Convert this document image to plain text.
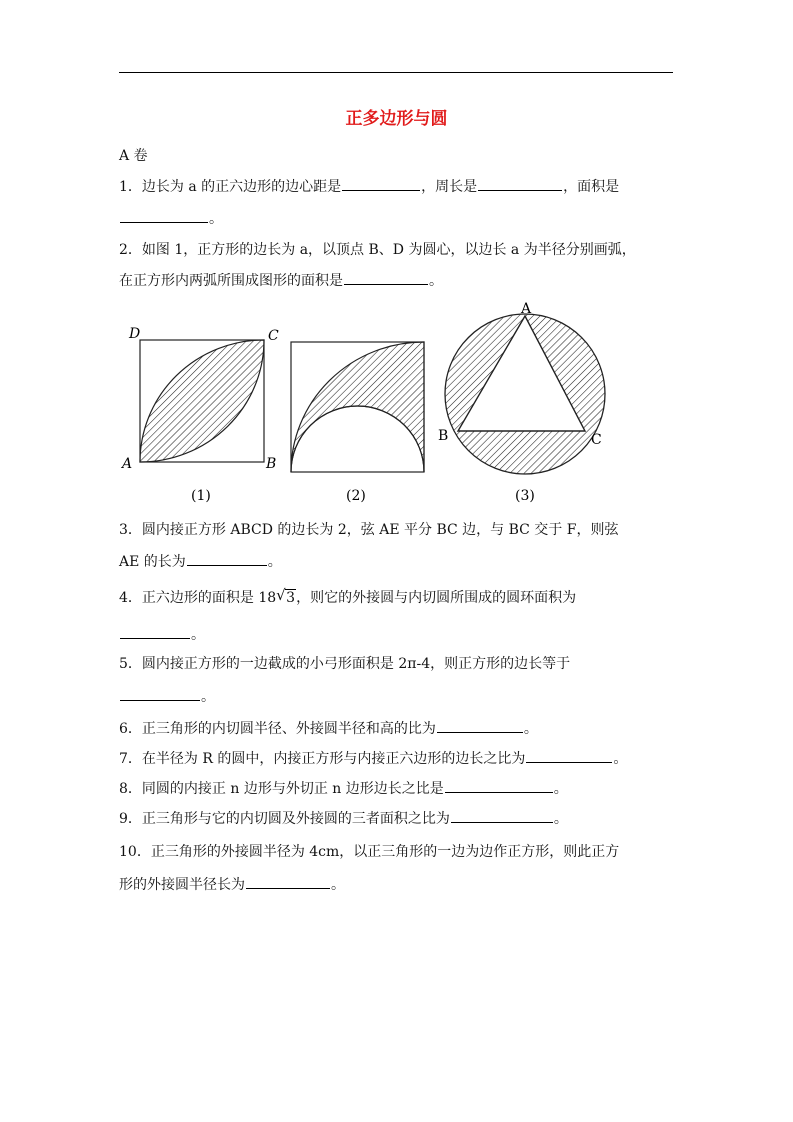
正多边形与圆
A 卷
1．边长为 a 的正六边形的边心距是	，周长是	，面积是
。
2．如图 1，正方形的边长为 a，以顶点 B、D 为圆心，以边长 a 为半径分别画弧，
在正方形内两弧所围成图形的面积是	。
D	C
A	B
A
B	C
(1)	(2)	(3)
3．圆内接正方形 ABCD 的边长为 2，弦 AE 平分 BC 边，与 BC 交于 F，则弦
AE 的长为	。
4．正六边形的面积是 18 √ 3，则它的外接圆与内切圆所围成的圆环面积为
。
5．圆内接正方形的一边截成的小弓形面积是 2π-4，则正方形的边长等于
。
6．正三角形的内切圆半径、外接圆半径和高的比为	。
7．在半径为 R 的圆中，内接正方形与内接正六边形的边长之比为	。
8．同圆的内接正 n 边形与外切正 n 边形边长之比是	。
9．正三角形与它的内切圆及外接圆的三者面积之比为	。
10．正三角形的外接圆半径为 4cm，以正三角形的一边为边作正方形，则此正方
形的外接圆半径长为	。
